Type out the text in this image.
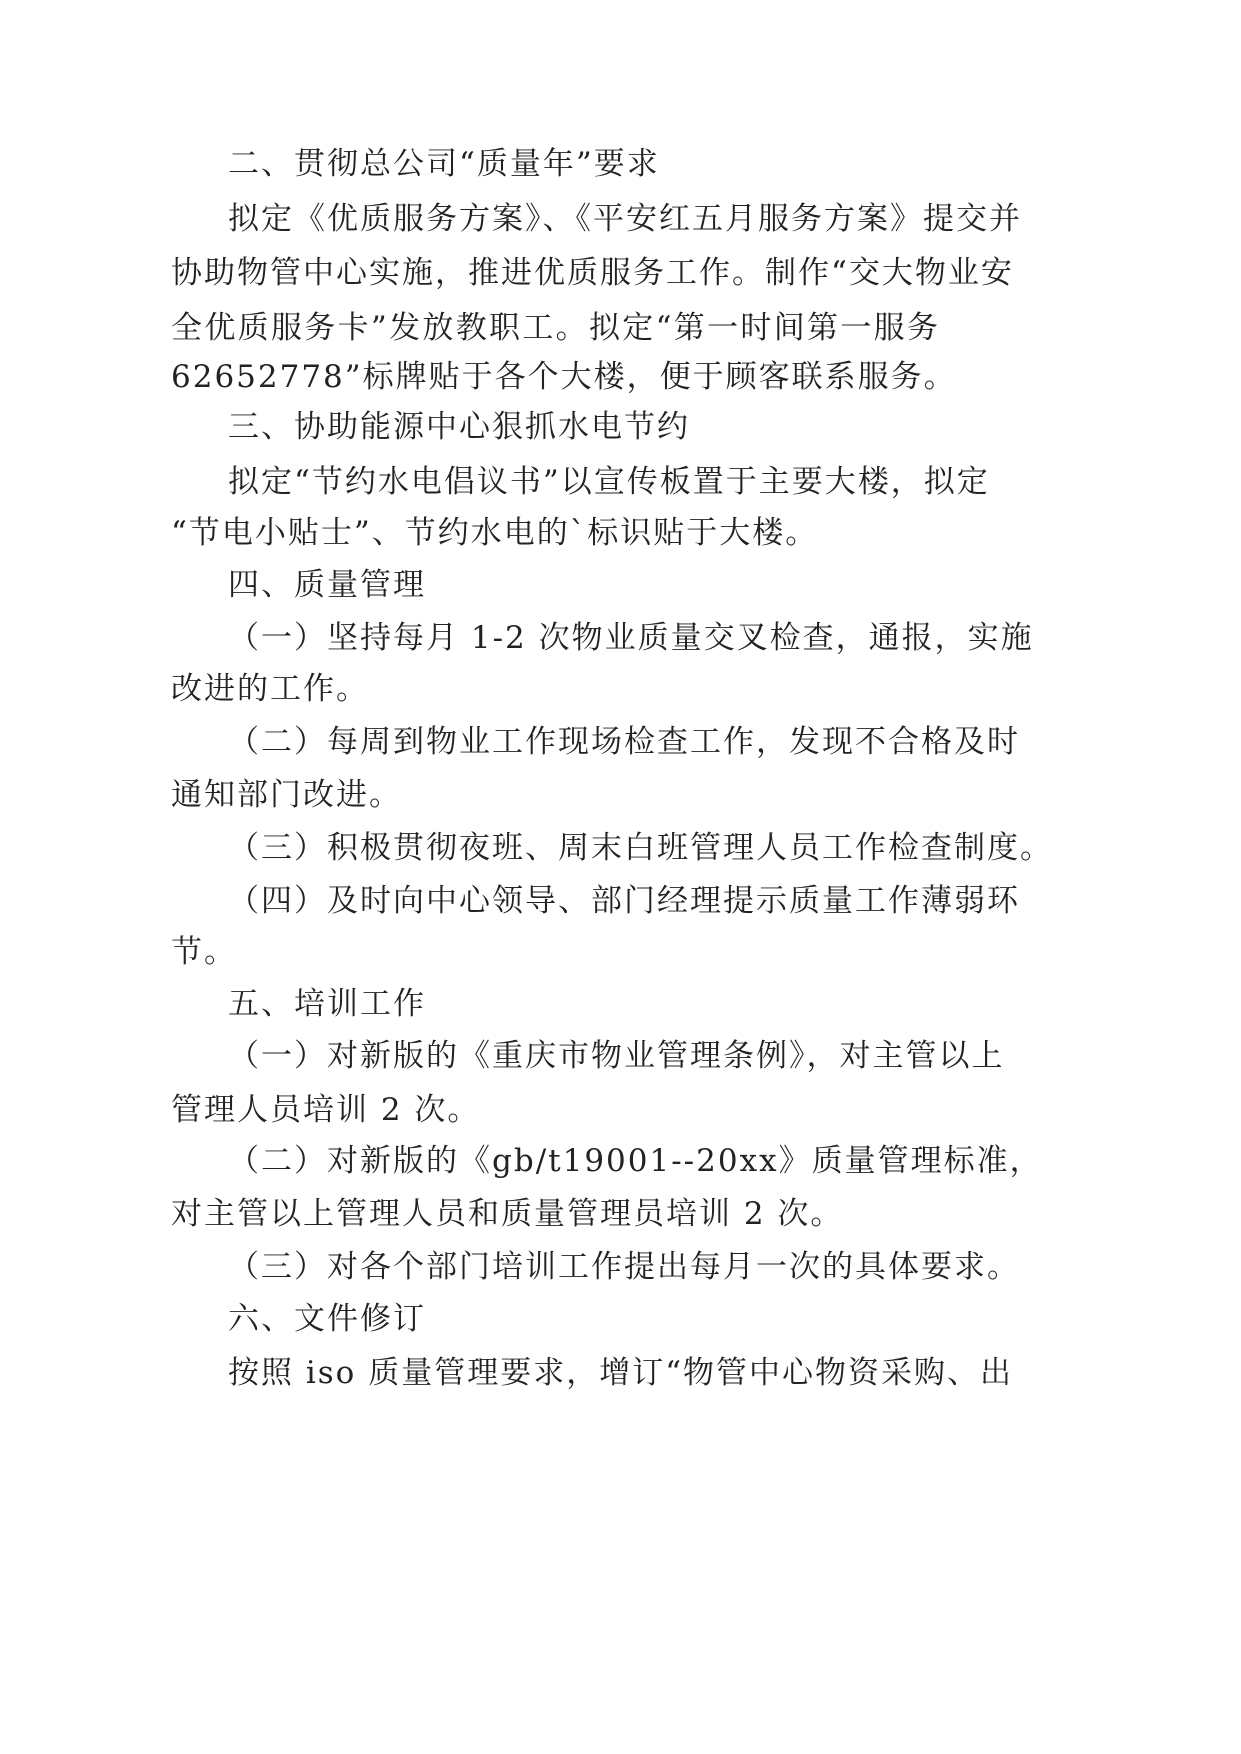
二、贯彻总公司“质量年”要求
拟定《优质服务方案》、《平安红五月服务方案》提交并
协助物管中心实施，推进优质服务工作。制作“交大物业安
全优质服务卡”发放教职工。拟定“第一时间第一服务
62652778”标牌贴于各个大楼，便于顾客联系服务。
三、协助能源中心狠抓水电节约
拟定“节约水电倡议书”以宣传板置于主要大楼，拟定
“节电小贴士”、节约水电的`标识贴于大楼。
四、质量管理
（一）坚持每月 1-2 次物业质量交叉检查，通报，实施
改进的工作。
（二）每周到物业工作现场检查工作，发现不合格及时
通知部门改进。
（三）积极贯彻夜班、周末白班管理人员工作检查制度。
（四）及时向中心领导、部门经理提示质量工作薄弱环
节。
五、培训工作
（一）对新版的《重庆市物业管理条例》，对主管以上
管理人员培训 2 次。
（二）对新版的《gb/t19001--20xx》质量管理标准，
对主管以上管理人员和质量管理员培训 2 次。
（三）对各个部门培训工作提出每月一次的具体要求。
六、文件修订
按照 iso 质量管理要求，增订“物管中心物资采购、出
